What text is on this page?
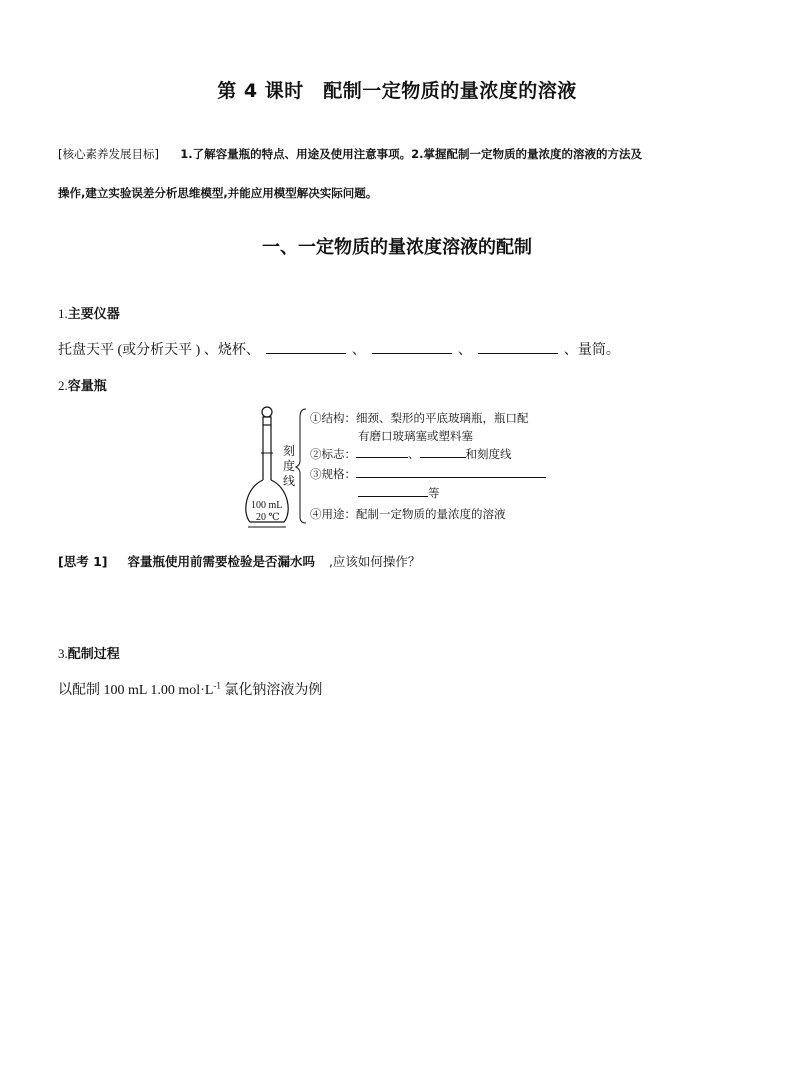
第 4 课时　配制一定物质的量浓度的溶液
[核心素养发展目标] 1.了解容量瓶的特点、用途及使用注意事项。2.掌握配制一定物质的量浓度的溶液的方法及
操作,建立实验误差分析思维模型,并能应用模型解决实际问题。
一、一定物质的量浓度溶液的配制
1.主要仪器
托盘天平 (或分析天平 ) 、烧杯、	、	、	、量筒。
2.容量瓶
刻
度
线
100 mL
20 ℃
①结构：细颈、梨形的平底玻璃瓶，瓶口配
有磨口玻璃塞或塑料塞
②标志：	、	和刻度线
③规格：
等
④用途：配制一定物质的量浓度的溶液
[思考 1] 容量瓶使用前需要检验是否漏水吗 ,应该如何操作？
3.配制过程
以配制 100 mL 1.00 $mol\cdot L^{-1}$ 氯化钠溶液为例
